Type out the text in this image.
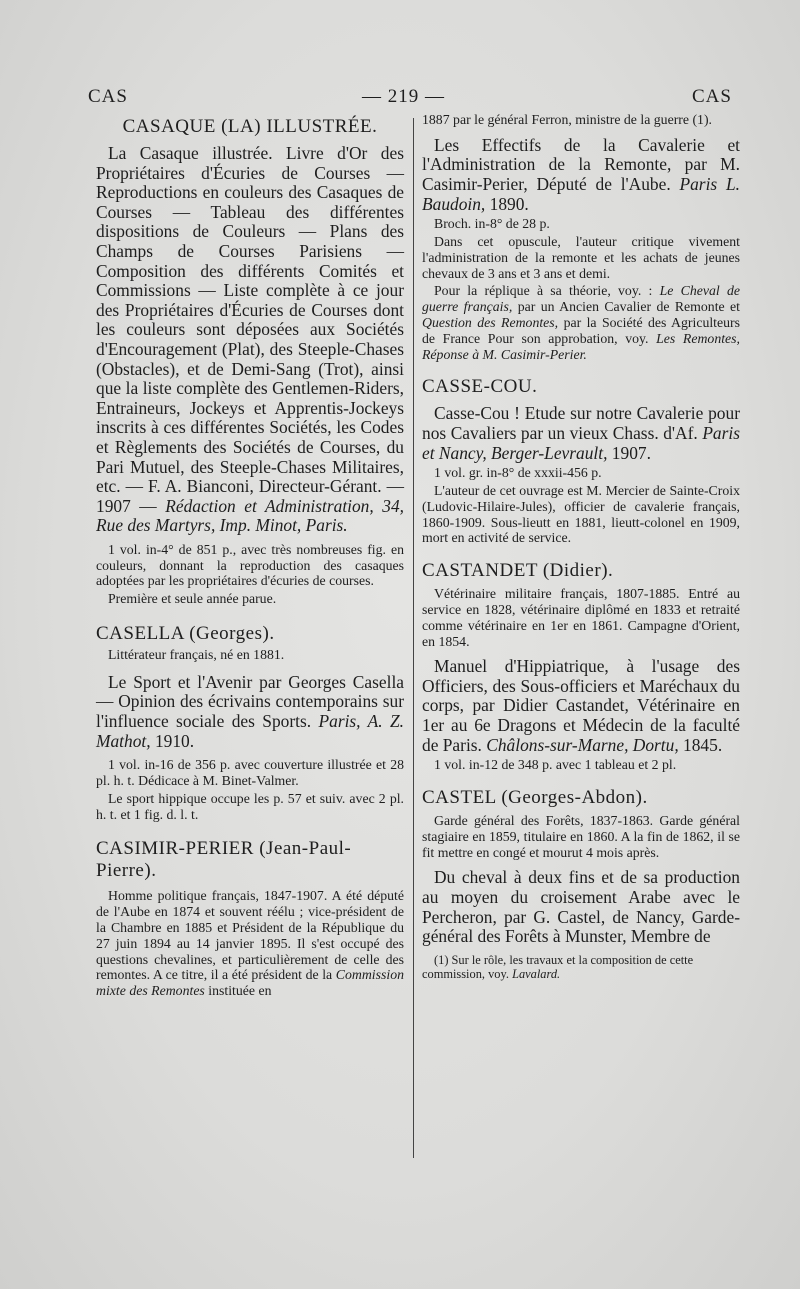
CAS	— 219 —	CAS
CASAQUE (LA) ILLUSTRÉE.

La Casaque illustrée. Livre d'Or des Propriétaires d'Écuries de Courses — Reproductions en couleurs des Casaques de Courses — Tableau des différentes dispositions de Couleurs — Plans des Champs de Courses Parisiens — Composition des différents Comités et Commissions — Liste complète à ce jour des Propriétaires d'Écuries de Courses dont les couleurs sont déposées aux Sociétés d'Encouragement (Plat), des Steeple-Chases (Obstacles), et de Demi-Sang (Trot), ainsi que la liste complète des Gentlemen-Riders, Entraineurs, Jockeys et Apprentis-Jockeys inscrits à ces différentes Sociétés, les Codes et Règlements des Sociétés de Courses, du Pari Mutuel, des Steeple-Chases Militaires, etc. — F. A. Bianconi, Directeur-Gérant. — 1907 — Rédaction et Administration, 34, Rue des Martyrs, Imp. Minot, Paris.

1 vol. in-4° de 851 p., avec très nombreuses fig. en couleurs, donnant la reproduction des casaques adoptées par les propriétaires d'écuries de courses.

Première et seule année parue.

CASELLA (Georges).

Littérateur français, né en 1881.

Le Sport et l'Avenir par Georges Casella — Opinion des écrivains contemporains sur l'influence sociale des Sports. Paris, A. Z. Mathot, 1910.

1 vol. in-16 de 356 p. avec couverture illustrée et 28 pl. h. t. Dédicace à M. Binet-Valmer.

Le sport hippique occupe les p. 57 et suiv. avec 2 pl. h. t. et 1 fig. d. l. t.

CASIMIR-PERIER (Jean-Paul-Pierre).

Homme politique français, 1847-1907. A été député de l'Aube en 1874 et souvent réélu ; vice-président de la Chambre en 1885 et Président de la République du 27 juin 1894 au 14 janvier 1895. Il s'est occupé des questions chevalines, et particulièrement de celle des remontes. A ce titre, il a été président de la Commission mixte des Remontes instituée en

1887 par le général Ferron, ministre de la guerre (1).

Les Effectifs de la Cavalerie et l'Administration de la Remonte, par M. Casimir-Perier, Député de l'Aube. Paris L. Baudoin, 1890.

Broch. in-8° de 28 p.

Dans cet opuscule, l'auteur critique vivement l'administration de la remonte et les achats de jeunes chevaux de 3 ans et 3 ans et demi.

Pour la réplique à sa théorie, voy. : Le Cheval de guerre français, par un Ancien Cavalier de Remonte et Question des Remontes, par la Société des Agriculteurs de France Pour son approbation, voy. Les Remontes, Réponse à M. Casimir-Perier.

CASSE-COU.

Casse-Cou ! Etude sur notre Cavalerie pour nos Cavaliers par un vieux Chass. d'Af. Paris et Nancy, Berger-Levrault, 1907.

1 vol. gr. in-8° de xxxii-456 p.

L'auteur de cet ouvrage est M. Mercier de Sainte-Croix (Ludovic-Hilaire-Jules), officier de cavalerie français, 1860-1909. Sous-lieutt en 1881, lieutt-colonel en 1909, mort en activité de service.

CASTANDET (Didier).

Vétérinaire militaire français, 1807-1885. Entré au service en 1828, vétérinaire diplômé en 1833 et retraité comme vétérinaire en 1er en 1861. Campagne d'Orient, en 1854.

Manuel d'Hippiatrique, à l'usage des Officiers, des Sous-officiers et Maréchaux du corps, par Didier Castandet, Vétérinaire en 1er au 6e Dragons et Médecin de la faculté de Paris. Châlons-sur-Marne, Dortu, 1845.

1 vol. in-12 de 348 p. avec 1 tableau et 2 pl.

CASTEL (Georges-Abdon).

Garde général des Forêts, 1837-1863. Garde général stagiaire en 1859, titulaire en 1860. A la fin de 1862, il se fit mettre en congé et mourut 4 mois après.

Du cheval à deux fins et de sa production au moyen du croisement Arabe avec le Percheron, par G. Castel, de Nancy, Garde-général des Forêts à Munster, Membre de

(1) Sur le rôle, les travaux et la composition de cette commission, voy. Lavalard.
